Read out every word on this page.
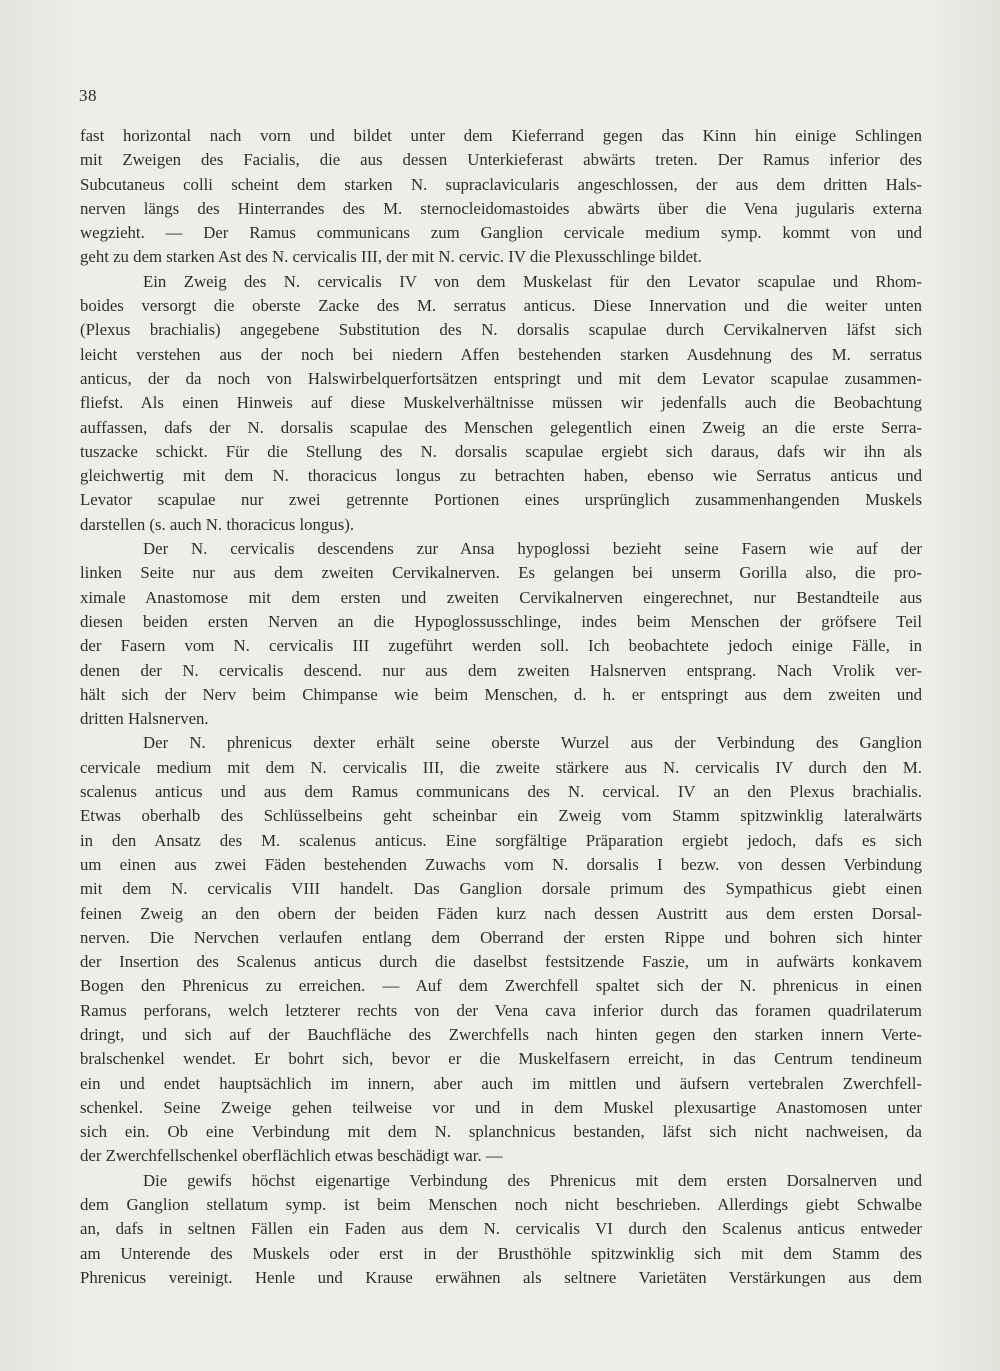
38
fast horizontal nach vorn und bildet unter dem Kieferrand gegen das Kinn hin einige Schlingen
mit Zweigen des Facialis, die aus dessen Unterkieferast abwärts treten. Der Ramus inferior des
Subcutaneus colli scheint dem starken N. supraclavicularis angeschlossen, der aus dem dritten Hals-
nerven längs des Hinterrandes des M. sternocleidomastoides abwärts über die Vena jugularis externa
wegzieht. — Der Ramus communicans zum Ganglion cervicale medium symp. kommt von und
geht zu dem starken Ast des N. cervicalis III, der mit N. cervic. IV die Plexusschlinge bildet.
Ein Zweig des N. cervicalis IV von dem Muskelast für den Levator scapulae und Rhom-
boides versorgt die oberste Zacke des M. serratus anticus. Diese Innervation und die weiter unten
(Plexus brachialis) angegebene Substitution des N. dorsalis scapulae durch Cervikalnerven läfst sich
leicht verstehen aus der noch bei niedern Affen bestehenden starken Ausdehnung des M. serratus
anticus, der da noch von Halswirbelquerfortsätzen entspringt und mit dem Levator scapulae zusammen-
fliefst. Als einen Hinweis auf diese Muskelverhältnisse müssen wir jedenfalls auch die Beobachtung
auffassen, dafs der N. dorsalis scapulae des Menschen gelegentlich einen Zweig an die erste Serra-
tuszacke schickt. Für die Stellung des N. dorsalis scapulae ergiebt sich daraus, dafs wir ihn als
gleichwertig mit dem N. thoracicus longus zu betrachten haben, ebenso wie Serratus anticus und
Levator scapulae nur zwei getrennte Portionen eines ursprünglich zusammenhangenden Muskels
darstellen (s. auch N. thoracicus longus).
Der N. cervicalis descendens zur Ansa hypoglossi bezieht seine Fasern wie auf der
linken Seite nur aus dem zweiten Cervikalnerven. Es gelangen bei unserm Gorilla also, die pro-
ximale Anastomose mit dem ersten und zweiten Cervikalnerven eingerechnet, nur Bestandteile aus
diesen beiden ersten Nerven an die Hypoglossusschlinge, indes beim Menschen der gröfsere Teil
der Fasern vom N. cervicalis III zugeführt werden soll. Ich beobachtete jedoch einige Fälle, in
denen der N. cervicalis descend. nur aus dem zweiten Halsnerven entsprang. Nach Vrolik ver-
hält sich der Nerv beim Chimpanse wie beim Menschen, d. h. er entspringt aus dem zweiten und
dritten Halsnerven.
Der N. phrenicus dexter erhält seine oberste Wurzel aus der Verbindung des Ganglion
cervicale medium mit dem N. cervicalis III, die zweite stärkere aus N. cervicalis IV durch den M.
scalenus anticus und aus dem Ramus communicans des N. cervical. IV an den Plexus brachialis.
Etwas oberhalb des Schlüsselbeins geht scheinbar ein Zweig vom Stamm spitzwinklig lateralwärts
in den Ansatz des M. scalenus anticus. Eine sorgfältige Präparation ergiebt jedoch, dafs es sich
um einen aus zwei Fäden bestehenden Zuwachs vom N. dorsalis I bezw. von dessen Verbindung
mit dem N. cervicalis VIII handelt. Das Ganglion dorsale primum des Sympathicus giebt einen
feinen Zweig an den obern der beiden Fäden kurz nach dessen Austritt aus dem ersten Dorsal-
nerven. Die Nervchen verlaufen entlang dem Oberrand der ersten Rippe und bohren sich hinter
der Insertion des Scalenus anticus durch die daselbst festsitzende Faszie, um in aufwärts konkavem
Bogen den Phrenicus zu erreichen. — Auf dem Zwerchfell spaltet sich der N. phrenicus in einen
Ramus perforans, welch letzterer rechts von der Vena cava inferior durch das foramen quadrilaterum
dringt, und sich auf der Bauchfläche des Zwerchfells nach hinten gegen den starken innern Verte-
bralschenkel wendet. Er bohrt sich, bevor er die Muskelfasern erreicht, in das Centrum tendineum
ein und endet hauptsächlich im innern, aber auch im mittlen und äufsern vertebralen Zwerchfell-
schenkel. Seine Zweige gehen teilweise vor und in dem Muskel plexusartige Anastomosen unter
sich ein. Ob eine Verbindung mit dem N. splanchnicus bestanden, läfst sich nicht nachweisen, da
der Zwerchfellschenkel oberflächlich etwas beschädigt war. —
Die gewifs höchst eigenartige Verbindung des Phrenicus mit dem ersten Dorsalnerven und
dem Ganglion stellatum symp. ist beim Menschen noch nicht beschrieben. Allerdings giebt Schwalbe
an, dafs in seltnen Fällen ein Faden aus dem N. cervicalis VI durch den Scalenus anticus entweder
am Unterende des Muskels oder erst in der Brusthöhle spitzwinklig sich mit dem Stamm des
Phrenicus vereinigt. Henle und Krause erwähnen als seltnere Varietäten Verstärkungen aus dem
